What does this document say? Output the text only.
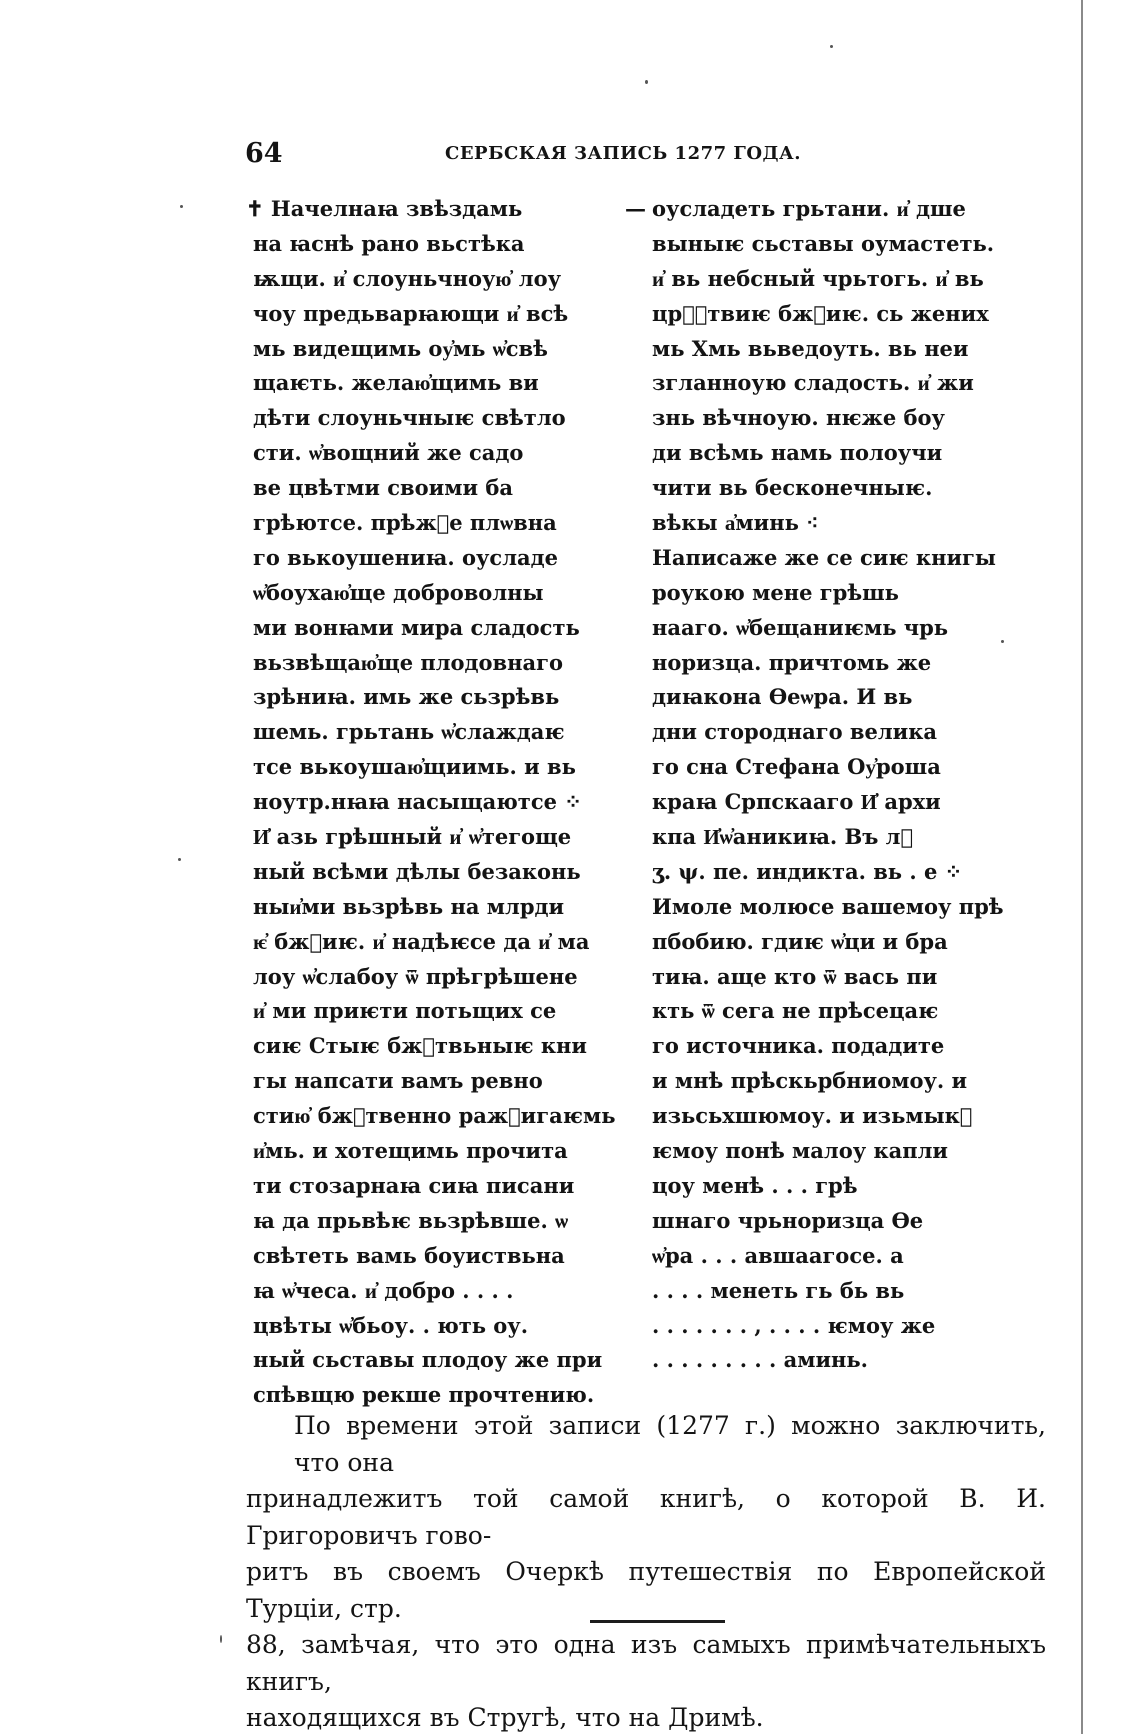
64	СЕРБСКАЯ ЗАПИСЬ 1277 ГОДА.
—
✝ Начелнаꙗ звѣздамь
на ꙗснѣ рано вьстѣка
ѭщи. и҆ слоуньчноую҆ лоу
чоу предьварꙗющи и҆ всѣ
мь видещимь оу҆мь ѡ҆свѣ
щаѥть. желаю҆щимь ви
дѣти слоуньчныѥ свѣтло
сти. ѡ҆вощний же садо
ве цвѣтми своими ба
грѣютсе. прѣжⷣе плѡвна
го вькоушениꙗ. оусладе
ѡ҆боухаю҆ще доброволны
ми вонꙗми мира сладость
вьзвѣщаю҆ще плодовнаго
зрѣниꙗ. имь же сьзрѣвь
шемь. грьтань ѡ҆слаждаѥ
тсе вькоушаю҆щиимь. и вь
ноутр.нꙗꙗ насыщаютсе ⁘
И҆ азь грѣшный и҆ ѡ҆тегоще
ный всѣми дѣлы безаконь
ныи҆ми вьзрѣвь на млрди
ѥ҆ бжⷵиѥ. и҆ надѣѥсе да и҆ ма
лоу ѡ҆слабоу ѿ прѣгрѣшене
и҆ ми приѥти потьщих се
сиѥ Стыѥ бжⷵтвьныѥ кни
гы напсати вамъ ревно
стию҆ бжⷵтвенно ражⷢигаѥмь
и҆мь. и хотещимь прочита
ти стозарнаꙗ сиꙗ писани
ꙗ да прьвѣѥ вьзрѣвше. ѡ
свѣтеть вамь боуиствьна
ꙗ ѡ҆чеса. и҆ добро . . . .
цвѣты ѡ҆бьоу. . ють оу.
ный сьставы плодоу же при
спѣвщю рекше прочтению.
оусладеть грьтани. и҆ дше
выныѥ сьставы оумастеть.
и҆ вь небсный чрьтогь. и҆ вь
црⷭ҇твиѥ бжⷵиѥ. сь жених
мь Хмь вьведоуть. вь неи
згланноую сладость. и҆ жи
знь вѣчноую. нѥже боу
ди всѣмь намь полоучи
чити вь бесконечныѥ.
вѣкы а҆минь ⁖
Написаже же се сиѥ книгы
роукою мене грѣшь
нааго. ѡ҆бещаниѥмь чрь
норизца. причтомь же
диꙗкона Өеѡра. И вь
дни стороднаго велика
го сна Стефана Оу҆роша
краꙗ Српскааго И҆ архи
кпа И҆ѡ҆аникиꙗ. Въ лⷮ
ӡ. ψ. пе. индикта. вь . е ⁘
Имоле молюсе вашемоу прѣ
пбобию. гдиѥ ѡ҆ци и бра
тиꙗ. аще кто ѿ вась пи
кть ѿ сега не прѣсецаѥ
го источника. подадите
и мнѣ прѣскьрбниомоу. и
изьсьхшюмоу. и изьмыкⷤ
ѥмоу понѣ малоу капли
цоу менѣ . . . грѣ
шнаго чрьноризца Өе
ѡ҆ра . . . авшаагосе. а
. . . . менеть гь бь вь
. . . . . . . , . . . . ѥмоу же
. . . . . . . . . аминь.
По времени этой записи (1277 г.) можно заключить, что она
принадлежитъ той самой книгѣ, о которой В. И. Григоровичъ гово-
ритъ въ своемъ Очеркѣ путешествія по Европейской Турціи, стр.
88, замѣчая, что это одна изъ самыхъ примѣчательныхъ книгъ,
находящихся въ Стругѣ, что на Дримѣ.
